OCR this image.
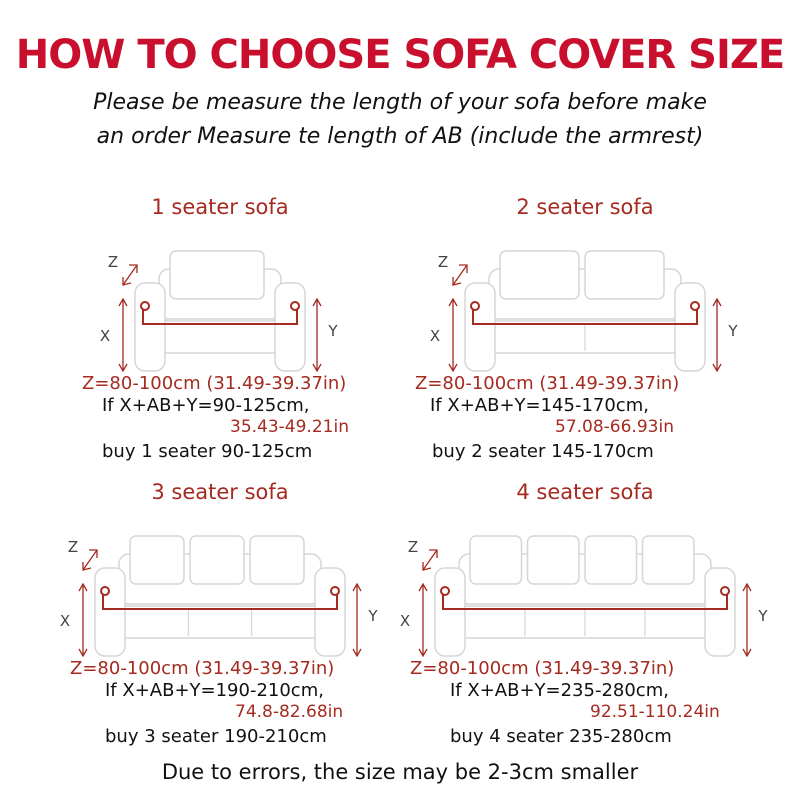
HOW TO CHOOSE SOFA COVER SIZE
Please be measure the length of your sofa before make
an order Measure te length of AB (include the armrest)
1 seater sofa
X	Y
Z
Z=80-100cm (31.49-39.37in)
If X+AB+Y=90-125cm,
35.43-49.21in
buy 1 seater 90-125cm
2 seater sofa
X	Y
Z
Z=80-100cm (31.49-39.37in)
If X+AB+Y=145-170cm,
57.08-66.93in
buy 2 seater 145-170cm
3 seater sofa
X	Y
Z
Z=80-100cm (31.49-39.37in)
If X+AB+Y=190-210cm,
74.8-82.68in
buy 3 seater 190-210cm
4 seater sofa
X	Y
Z
Z=80-100cm (31.49-39.37in)
If X+AB+Y=235-280cm,
92.51-110.24in
buy 4 seater 235-280cm
Due to errors, the size may be 2-3cm smaller
